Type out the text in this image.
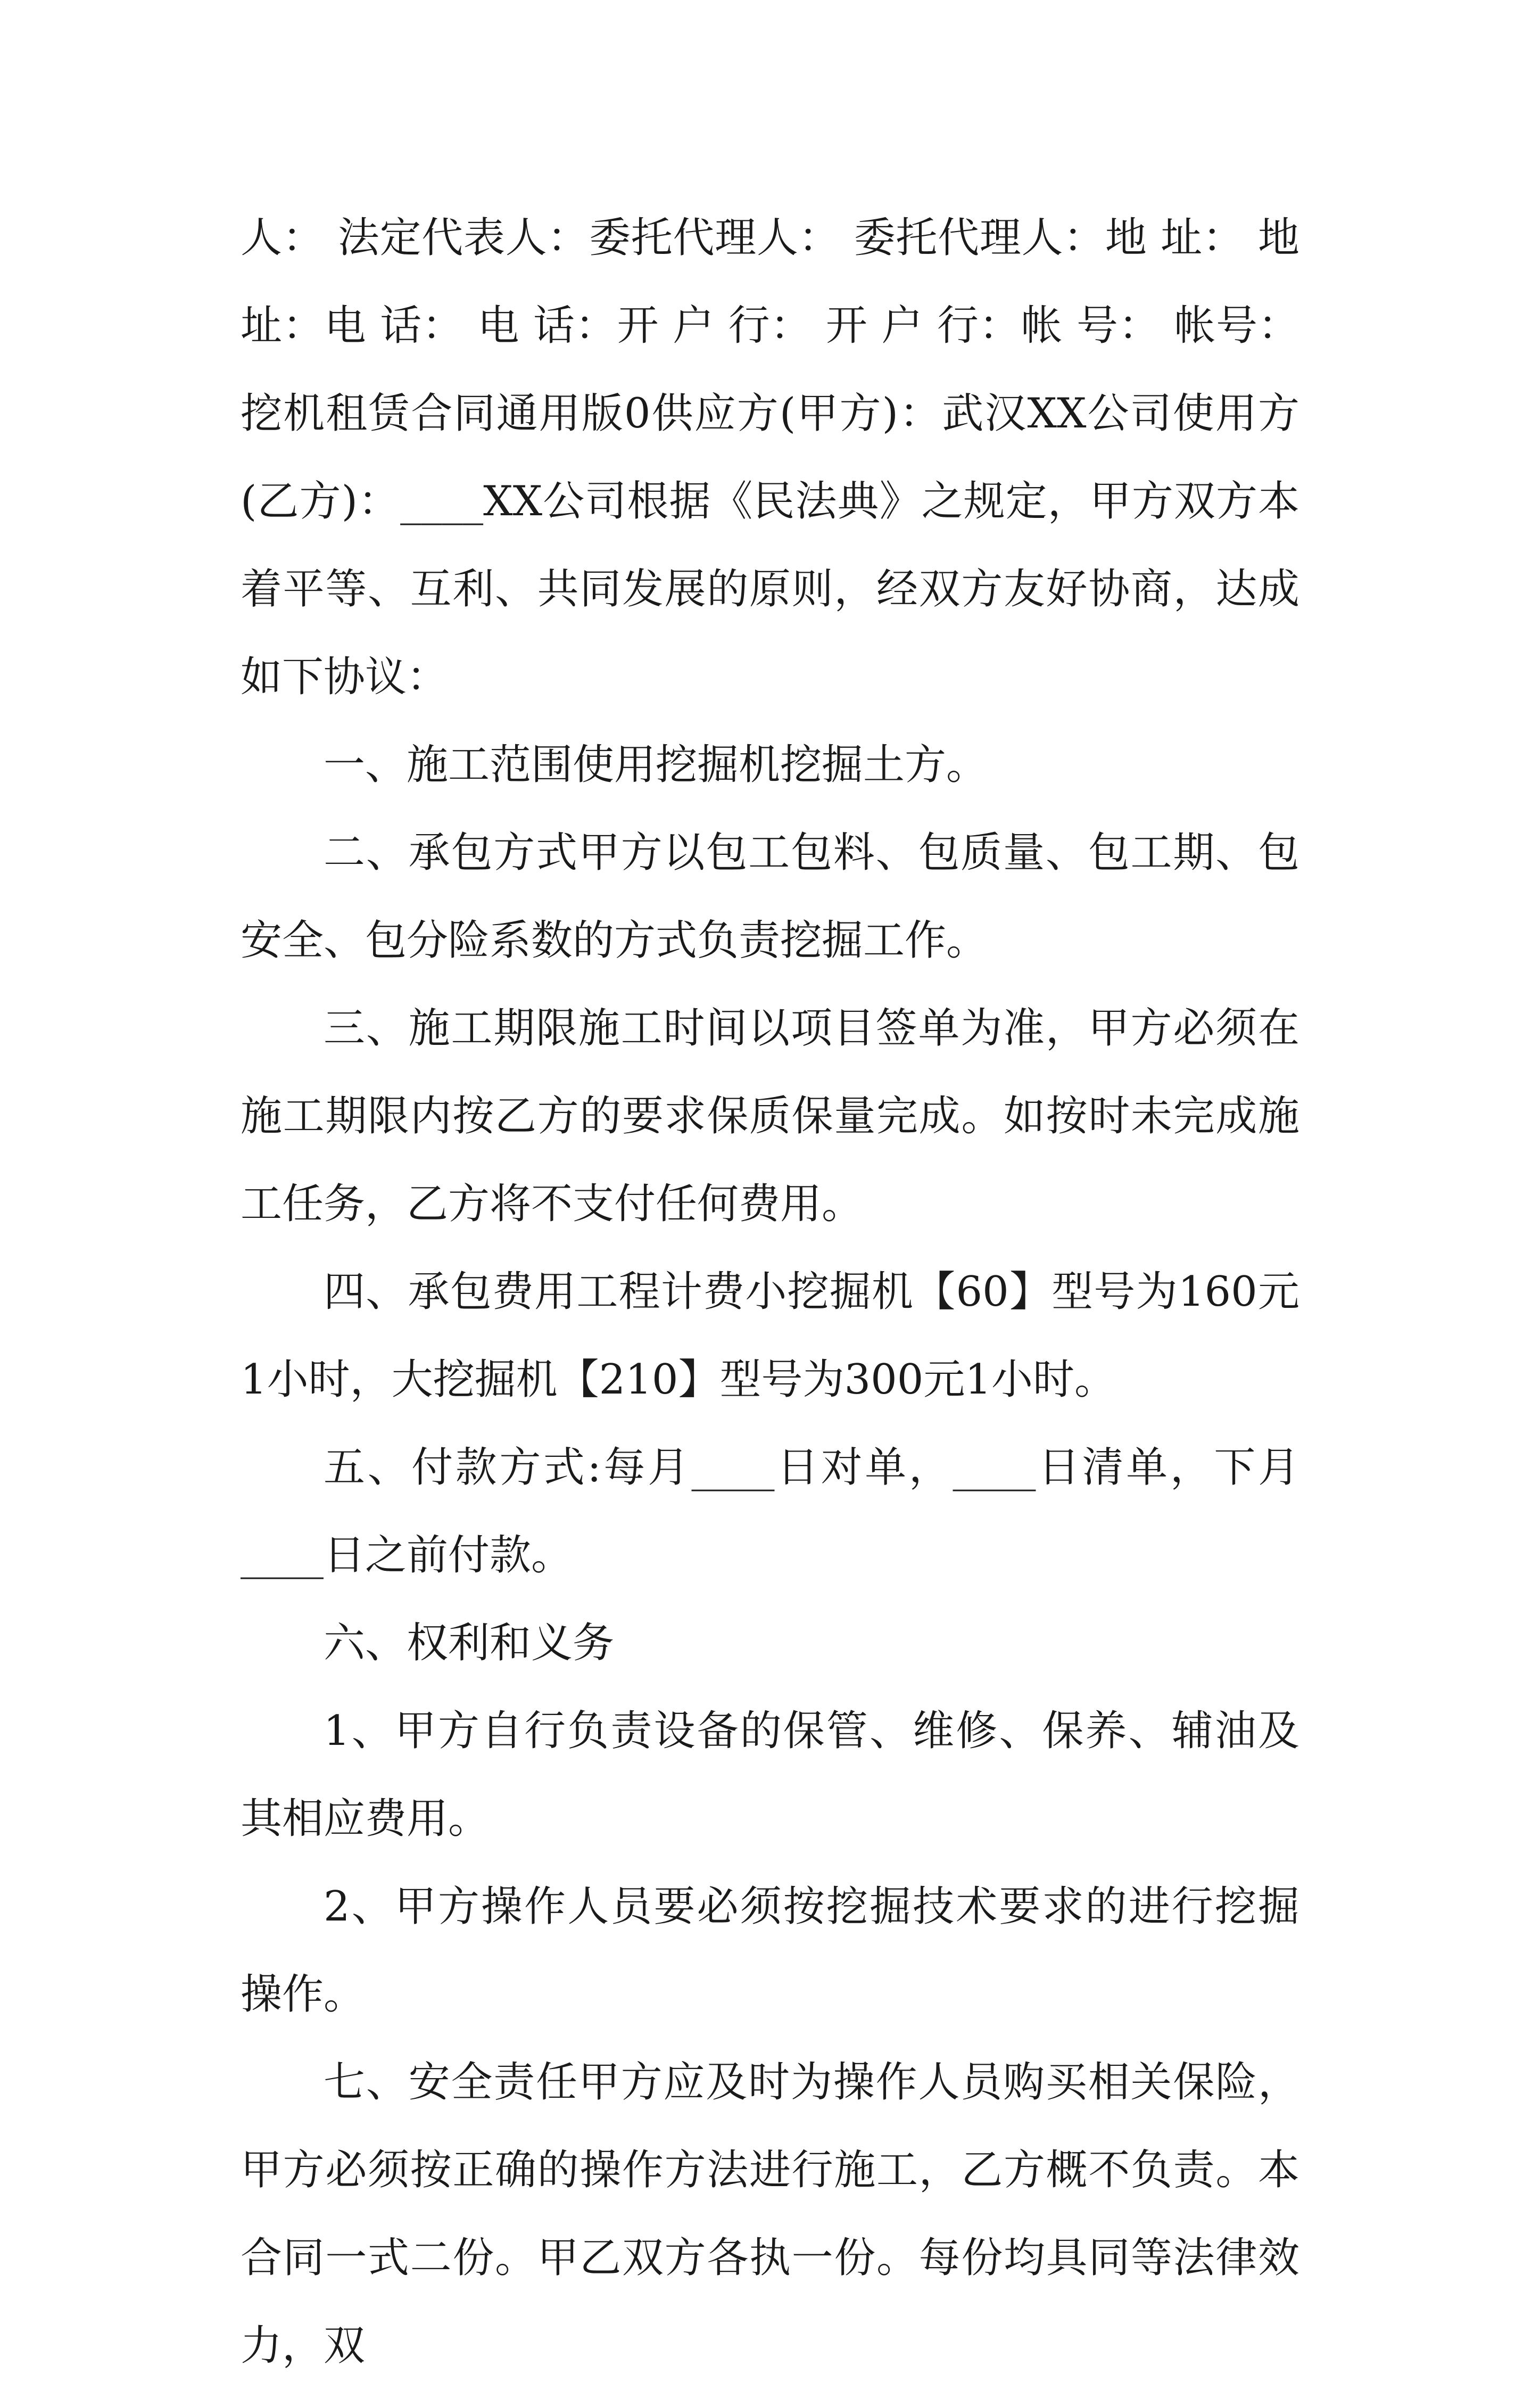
人： 法定代表人：委托代理人： 委托代理人：地 址： 地址：电 话： 电 话：开 户 行： 开 户 行：帐 号： 帐号：挖机租赁合同通用版0供应方(甲方)：武汉XX公司使用方(乙方)：____XX公司根据《民法典》之规定，甲方双方本着平等、互利、共同发展的原则，经双方友好协商，达成如下协议：

一、施工范围使用挖掘机挖掘土方。

二、承包方式甲方以包工包料、包质量、包工期、包安全、包分险系数的方式负责挖掘工作。

三、施工期限施工时间以项目签单为准，甲方必须在施工期限内按乙方的要求保质保量完成。如按时未完成施工任务，乙方将不支付任何费用。

四、承包费用工程计费小挖掘机【60】型号为160元1小时，大挖掘机【210】型号为300元1小时。

五、付款方式:每月____日对单，____日清单，下月____日之前付款。

六、权利和义务

1、甲方自行负责设备的保管、维修、保养、辅油及其相应费用。

2、甲方操作人员要必须按挖掘技术要求的进行挖掘操作。

七、安全责任甲方应及时为操作人员购买相关保险，甲方必须按正确的操作方法进行施工，乙方概不负责。本合同一式二份。甲乙双方各执一份。每份均具同等法律效力，双
